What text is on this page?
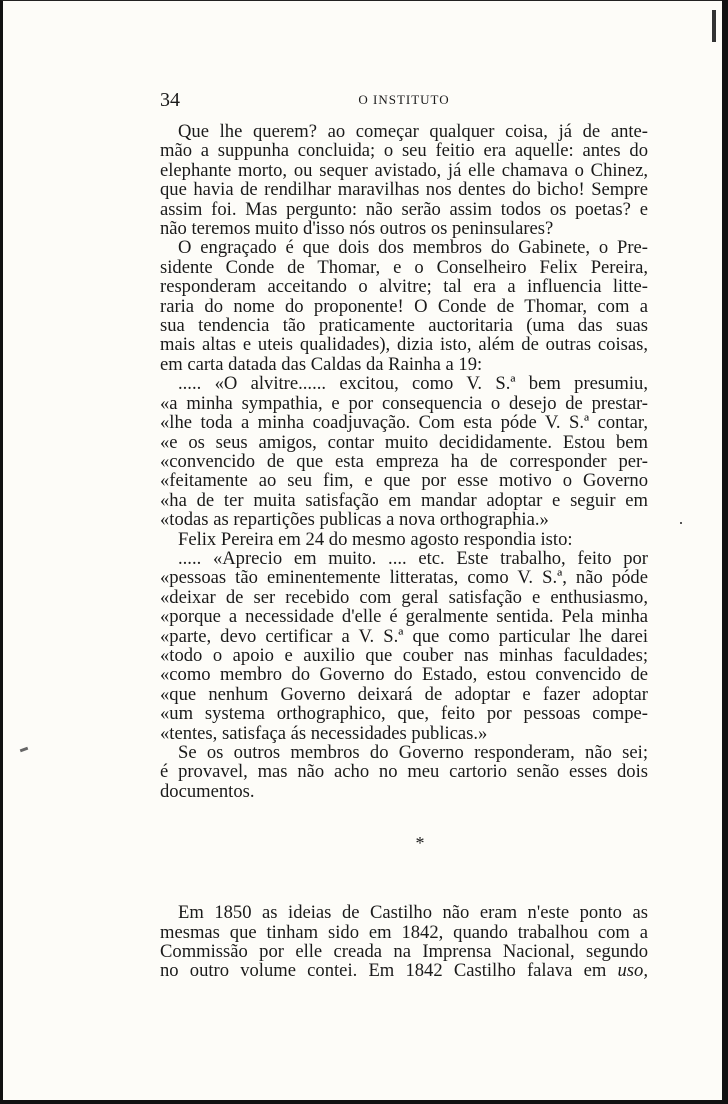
34	O INSTITUTO

Que lhe querem? ao começar qualquer coisa, já de ante-
mão a suppunha concluida; o seu feitio era aquelle: antes do
elephante morto, ou sequer avistado, já elle chamava o Chinez,
que havia de rendilhar maravilhas nos dentes do bicho! Sempre
assim foi. Mas pergunto: não serão assim todos os poetas? e
não teremos muito d'isso nós outros os peninsulares?

O engraçado é que dois dos membros do Gabinete, o Pre-
sidente Conde de Thomar, e o Conselheiro Felix Pereira,
responderam acceitando o alvitre; tal era a influencia litte-
raria do nome do proponente! O Conde de Thomar, com a
sua tendencia tão praticamente auctoritaria (uma das suas
mais altas e uteis qualidades), dizia isto, além de outras coisas,
em carta datada das Caldas da Rainha a 19:

..... «O alvitre...... excitou, como V. S.ª bem presumiu,
«a minha sympathia, e por consequencia o desejo de prestar-
«lhe toda a minha coadjuvação. Com esta póde V. S.ª contar,
«e os seus amigos, contar muito decididamente. Estou bem
«convencido de que esta empreza ha de corresponder per-
«feitamente ao seu fim, e que por esse motivo o Governo
«ha de ter muita satisfação em mandar adoptar e seguir em
«todas as repartições publicas a nova orthographia.»

Felix Pereira em 24 do mesmo agosto respondia isto:

..... «Aprecio em muito. .... etc. Este trabalho, feito por
«pessoas tão eminentemente litteratas, como V. S.ª, não póde
«deixar de ser recebido com geral satisfação e enthusiasmo,
«porque a necessidade d'elle é geralmente sentida. Pela minha
«parte, devo certificar a V. S.ª que como particular lhe darei
«todo o apoio e auxilio que couber nas minhas faculdades;
«como membro do Governo do Estado, estou convencido de
«que nenhum Governo deixará de adoptar e fazer adoptar
«um systema orthographico, que, feito por pessoas compe-
«tentes, satisfaça ás necessidades publicas.»

Se os outros membros do Governo responderam, não sei;
é provavel, mas não acho no meu cartorio senão esses dois
documentos.

*

Em 1850 as ideias de Castilho não eram n'este ponto as
mesmas que tinham sido em 1842, quando trabalhou com a
Commissão por elle creada na Imprensa Nacional, segundo
no outro volume contei. Em 1842 Castilho falava em uso,
